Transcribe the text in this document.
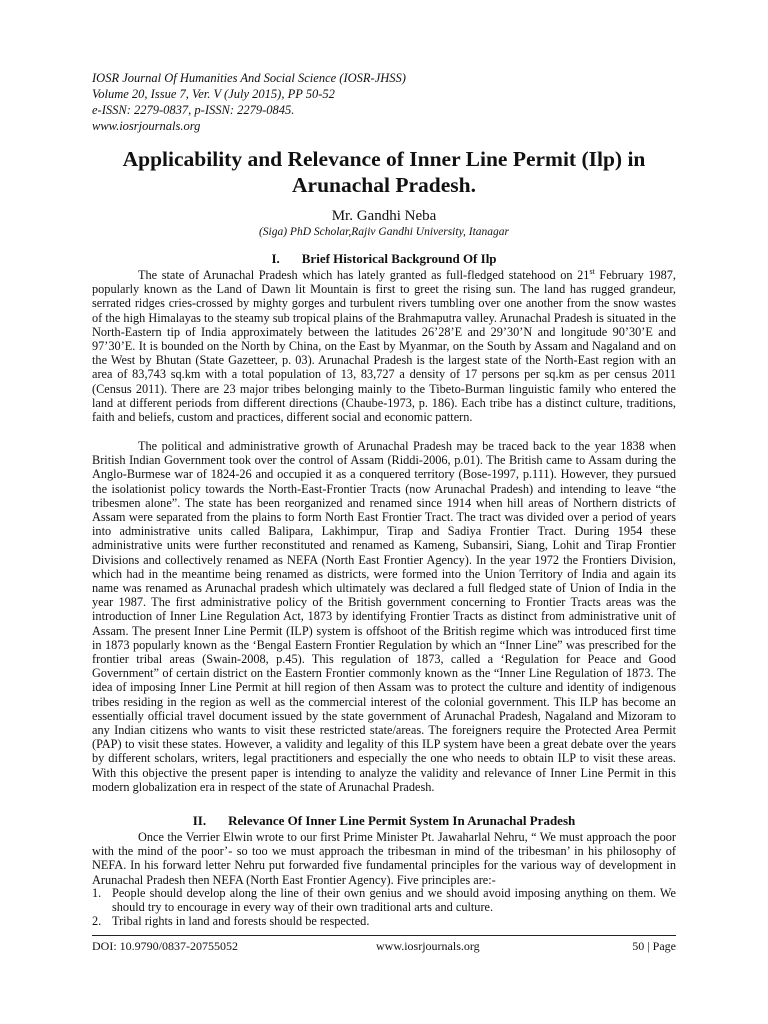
IOSR Journal Of Humanities And Social Science (IOSR-JHSS)
Volume 20, Issue 7, Ver. V (July 2015), PP 50-52
e-ISSN: 2279-0837, p-ISSN: 2279-0845.
www.iosrjournals.org
Applicability and Relevance of Inner Line Permit (Ilp) in
Arunachal Pradesh.
Mr. Gandhi Neba
(Siga) PhD Scholar,Rajiv Gandhi University, Itanagar
I. Brief Historical Background Of Ilp
The state of Arunachal Pradesh which has lately granted as full-fledged statehood on 21st February 1987, popularly known as the Land of Dawn lit Mountain is first to greet the rising sun. The land has rugged grandeur, serrated ridges cries-crossed by mighty gorges and turbulent rivers tumbling over one another from the snow wastes of the high Himalayas to the steamy sub tropical plains of the Brahmaputra valley. Arunachal Pradesh is situated in the North-Eastern tip of India approximately between the latitudes 26’28’E and 29’30’N and longitude 90’30’E and 97’30’E. It is bounded on the North by China, on the East by Myanmar, on the South by Assam and Nagaland and on the West by Bhutan (State Gazetteer, p. 03). Arunachal Pradesh is the largest state of the North-East region with an area of 83,743 sq.km with a total population of 13, 83,727 a density of 17 persons per sq.km as per census 2011 (Census 2011). There are 23 major tribes belonging mainly to the Tibeto-Burman linguistic family who entered the land at different periods from different directions (Chaube-1973, p. 186). Each tribe has a distinct culture, traditions, faith and beliefs, custom and practices, different social and economic pattern.
The political and administrative growth of Arunachal Pradesh may be traced back to the year 1838 when British Indian Government took over the control of Assam (Riddi-2006, p.01). The British came to Assam during the Anglo-Burmese war of 1824-26 and occupied it as a conquered territory (Bose-1997, p.111). However, they pursued the isolationist policy towards the North-East-Frontier Tracts (now Arunachal Pradesh) and intending to leave “the tribesmen alone”. The state has been reorganized and renamed since 1914 when hill areas of Northern districts of Assam were separated from the plains to form North East Frontier Tract. The tract was divided over a period of years into administrative units called Balipara, Lakhimpur, Tirap and Sadiya Frontier Tract. During 1954 these administrative units were further reconstituted and renamed as Kameng, Subansiri, Siang, Lohit and Tirap Frontier Divisions and collectively renamed as NEFA (North East Frontier Agency). In the year 1972 the Frontiers Division, which had in the meantime being renamed as districts, were formed into the Union Territory of India and again its name was renamed as Arunachal pradesh which ultimately was declared a full fledged state of Union of India in the year 1987. The first administrative policy of the British government concerning to Frontier Tracts areas was the introduction of Inner Line Regulation Act, 1873 by identifying Frontier Tracts as distinct from administrative unit of Assam. The present Inner Line Permit (ILP) system is offshoot of the British regime which was introduced first time in 1873 popularly known as the ‘Bengal Eastern Frontier Regulation by which an “Inner Line” was prescribed for the frontier tribal areas (Swain-2008, p.45). This regulation of 1873, called a ‘Regulation for Peace and Good Government” of certain district on the Eastern Frontier commonly known as the “Inner Line Regulation of 1873. The idea of imposing Inner Line Permit at hill region of then Assam was to protect the culture and identity of indigenous tribes residing in the region as well as the commercial interest of the colonial government. This ILP has become an essentially official travel document issued by the state government of Arunachal Pradesh, Nagaland and Mizoram to any Indian citizens who wants to visit these restricted state/areas. The foreigners require the Protected Area Permit (PAP) to visit these states. However, a validity and legality of this ILP system have been a great debate over the years by different scholars, writers, legal practitioners and especially the one who needs to obtain ILP to visit these areas. With this objective the present paper is intending to analyze the validity and relevance of Inner Line Permit in this modern globalization era in respect of the state of Arunachal Pradesh.
II. Relevance Of Inner Line Permit System In Arunachal Pradesh
Once the Verrier Elwin wrote to our first Prime Minister Pt. Jawaharlal Nehru, “ We must approach the poor with the mind of the poor’- so too we must approach the tribesman in mind of the tribesman’ in his philosophy of NEFA. In his forward letter Nehru put forwarded five fundamental principles for the various way of development in Arunachal Pradesh then NEFA (North East Frontier Agency). Five principles are:-
1. People should develop along the line of their own genius and we should avoid imposing anything on them. We should try to encourage in every way of their own traditional arts and culture.
2. Tribal rights in land and forests should be respected.
DOI: 10.9790/0837-20755052	www.iosrjournals.org	50 | Page
